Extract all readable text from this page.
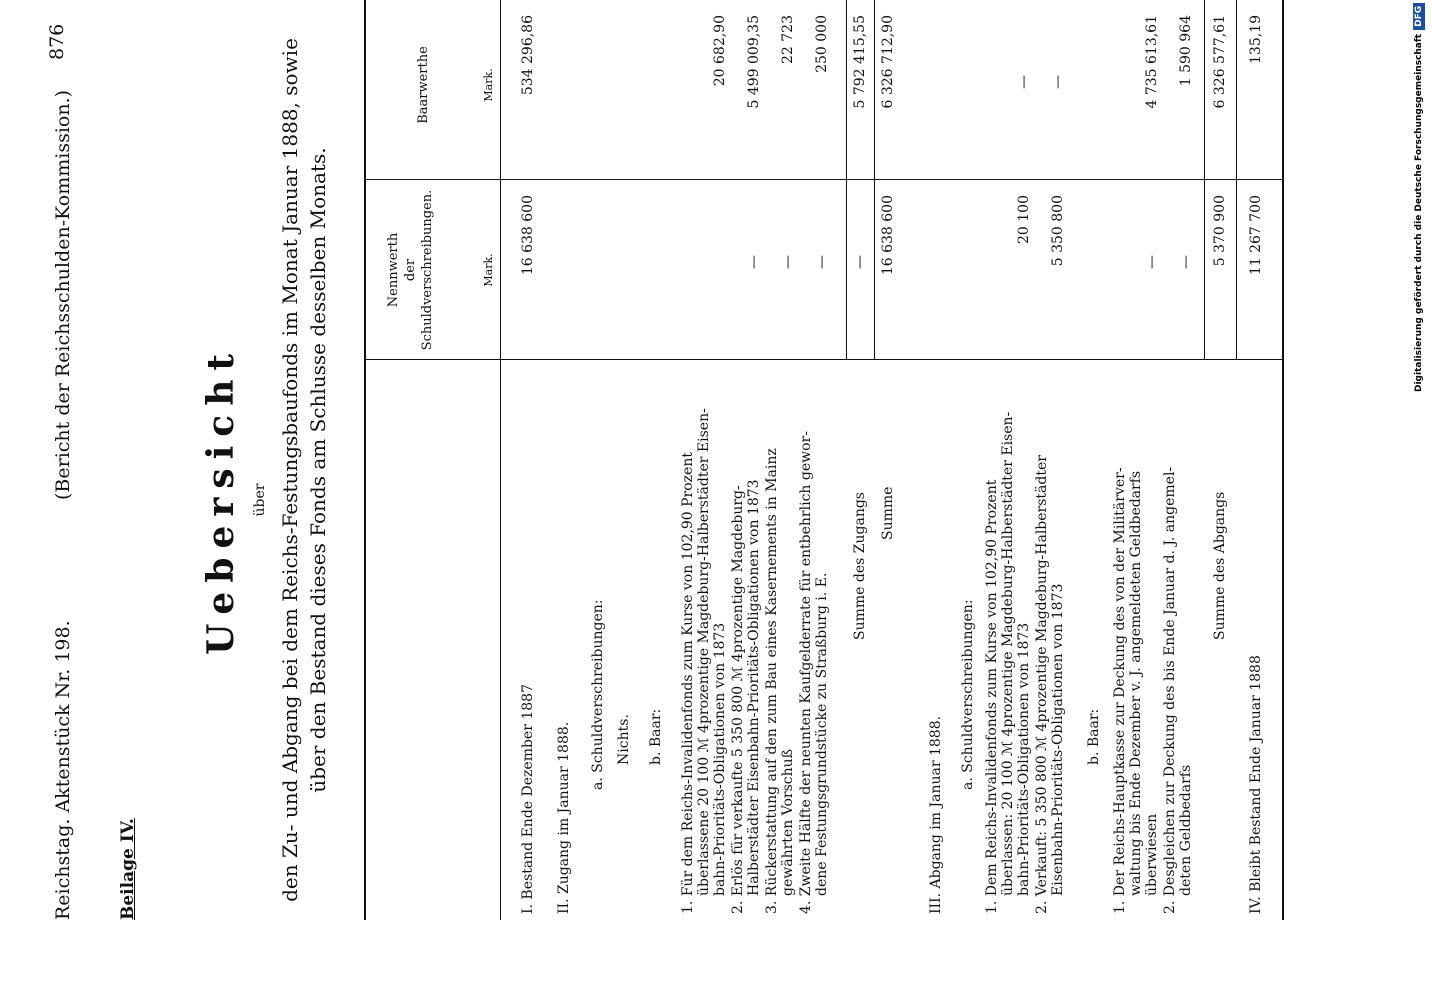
876
Reichstag. Aktenstück Nr. 198.
(Bericht der Reichsschulden-Kommission.)
Beilage IV.
Uebersicht über den Zu- und Abgang bei dem Reichs-Festungsbaufonds im Monat Januar 1888, sowie über den Bestand dieses Fonds am Schlusse desselben Monats.	Nennwerth der Schuldverschreibungen.
Baarwerthe
Mark.
Mark.
I. Bestand Ende Dezember 1887
16 638 600
534 296,86
II. Zugang im Januar 1888.
a. Schuldverschreibungen: Nichts. b. Baar: 1. Für dem Reichs-Invalidenfonds zum Kurse von 102,90 Prozent überlassene 20 100 ℳ 4prozentige Magdeburg-Halberstädter Eisen- bahn-Prioritäts-Obligationen von 1873
20 682,90
2. Erlös für verkaufte 5 350 800 ℳ 4prozentige Magdeburg- Halberstädter Eisenbahn-Prioritäts-Obligationen von 1873
—
5 499 009,35
3. Rückerstattung auf den zum Bau eines Kasernements in Mainz gewährten Vorschuß
—
22 723
4. Zweite Hälfte der neunten Kaufgelderrate für entbehrlich gewor- dene Festungsgrundstücke zu Straßburg i. E.
—
250 000
Summe des Zugangs
—
5 792 415,55
Summe
16 638 600
6 326 712,90
III. Abgang im Januar 1888.
a. Schuldverschreibungen: 1. Dem Reichs-Invalidenfonds zum Kurse von 102,90 Prozent überlassen: 20 100 ℳ 4prozentige Magdeburg-Halberstädter Eisen- bahn-Prioritäts-Obligationen von 1873
20 100
—
2. Verkauft: 5 350 800 ℳ 4prozentige Magdeburg-Halberstädter Eisenbahn-Prioritäts-Obligationen von 1873
5 350 800
—
b. Baar: 1. Der Reichs-Hauptkasse zur Deckung des von der Militärver- waltung bis Ende Dezember v. J. angemeldeten Geldbedarfs überwiesen
—
4 735 613,61
2. Desgleichen zur Deckung des bis Ende Januar d. J. angemel- deten Geldbedarfs
—
1 590 964
Summe des Abgangs
5 370 900
6 326 577,61
IV. Bleibt Bestand Ende Januar 1888
11 267 700
135,19	Digitalisierung gefördert durch die Deutsche ForschungsgemeinschaftDFG
